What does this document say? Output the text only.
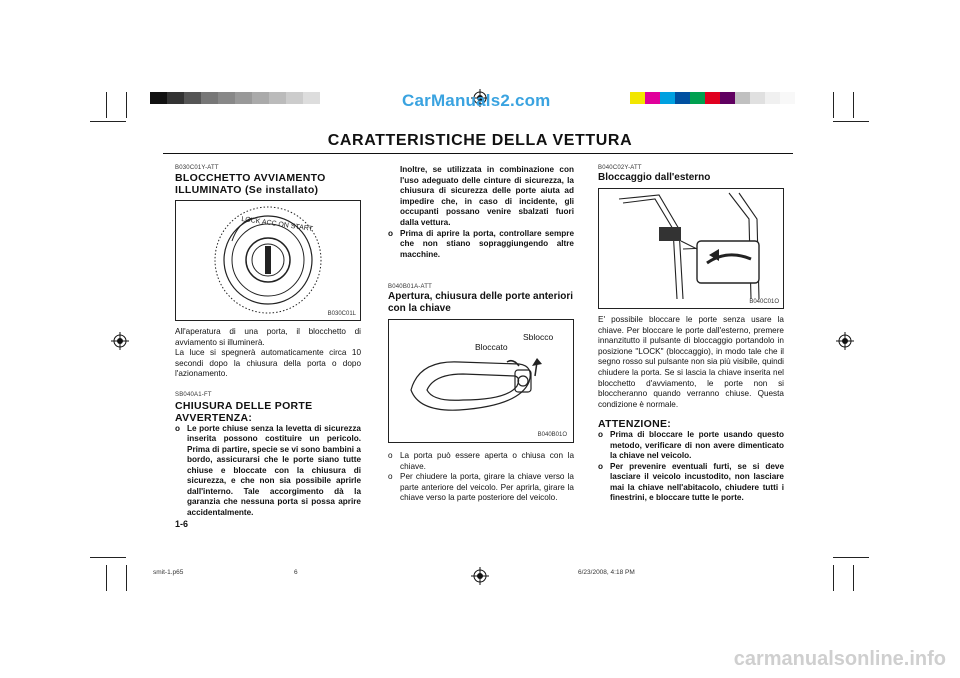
CarManuals2.com
CARATTERISTICHE DELLA VETTURA
B030C01Y-ATT
BLOCCHETTO AVVIAMENTO ILLUMINATO (Se installato)
LOCK ACC ON START
B030C01L
All'aperatura di una porta, il blocchetto di avviamento si illuminerà.
La luce si spegnerà automaticamente circa 10 secondi dopo la chiusura della porta o dopo l'azionamento.
SB040A1-FT
CHIUSURA DELLE PORTE
AVVERTENZA:
o Le porte chiuse senza la levetta di sicurezza inserita possono costituire un pericolo. Prima di partire, specie se vi sono bambini a bordo, assicurarsi che le porte siano tutte chiuse e bloccate con la chiusura di sicurezza, e che non sia possibile aprirle dall'interno. Tale accorgimento dà la garanzia che nessuna porta si possa aprire accidentalmente.
1-6
Inoltre, se utilizzata in combinazione con l'uso adeguato delle cinture di sicurezza, la chiusura di sicurezza delle porte aiuta ad impedire che, in caso di incidente, gli occupanti possano venire sbalzati fuori dalla vettura.
o Prima di aprire la porta, controllare sempre che non stiano sopraggiungendo altre macchine.
B040B01A-ATT
Apertura, chiusura delle porte anteriori con la chiave
Bloccato
Sblocco
B040B01O
o La porta può essere aperta o chiusa con la chiave.
o Per chiudere la porta, girare la chiave verso la parte anteriore del veicolo. Per aprirla, girare la chiave verso la parte posteriore del veicolo.
B040C02Y-ATT
Bloccaggio dall'esterno
B040C01O
E' possibile bloccare le porte senza usare la chiave. Per bloccare le porte dall'esterno, premere innanzitutto il pulsante di bloccaggio portandolo in posizione "LOCK" (bloccaggio), in modo tale che il segno rosso sul pulsante non sia più visibile, quindi chiudere la porta. Se si lascia la chiave inserita nel blocchetto d'avviamento, le porte non si bloccheranno quando verranno chiuse. Questa condizione è normale.
ATTENZIONE:
o Prima di bloccare le porte usando questo metodo, verificare di non avere dimenticato la chiave nel veicolo.
o Per prevenire eventuali furti, se si deve lasciare il veicolo incustodito, non lasciare mai la chiave nell'abitacolo, chiudere tutti i finestrini, e bloccare tutte le porte.
smit-1.p65	6	6/23/2008, 4:18 PM
carmanualsonline.info
